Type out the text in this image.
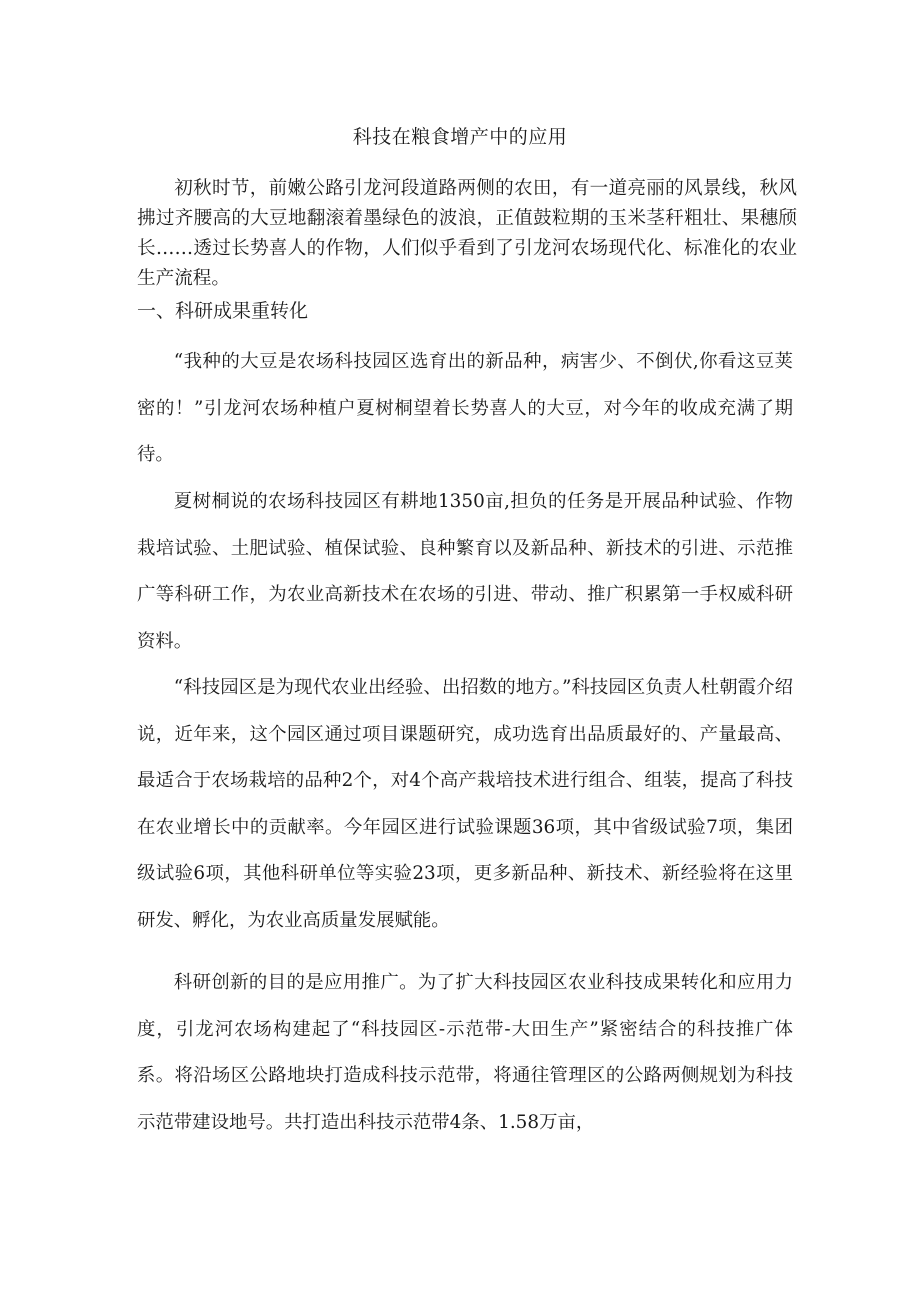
科技在粮食增产中的应用

初秋时节，前嫩公路引龙河段道路两侧的农田，有一道亮丽的风景线，秋风拂过齐腰高的大豆地翻滚着墨绿色的波浪，正值鼓粒期的玉米茎秆粗壮、果穗颀长……透过长势喜人的作物，人们似乎看到了引龙河农场现代化、标准化的农业生产流程。

一、科研成果重转化

“我种的大豆是农场科技园区选育出的新品种，病害少、不倒伏,你看这豆荚密的！”引龙河农场种植户夏树桐望着长势喜人的大豆，对今年的收成充满了期待。

夏树桐说的农场科技园区有耕地1350亩,担负的任务是开展品种试验、作物栽培试验、土肥试验、植保试验、良种繁育以及新品种、新技术的引进、示范推广等科研工作，为农业高新技术在农场的引进、带动、推广积累第一手权威科研资料。

“科技园区是为现代农业出经验、出招数的地方。”科技园区负责人杜朝霞介绍说，近年来，这个园区通过项目课题研究，成功选育出品质最好的、产量最高、最适合于农场栽培的品种2个，对4个高产栽培技术进行组合、组装，提高了科技在农业增长中的贡献率。今年园区进行试验课题36项，其中省级试验7项，集团级试验6项，其他科研单位等实验23项，更多新品种、新技术、新经验将在这里研发、孵化，为农业高质量发展赋能。

科研创新的目的是应用推广。为了扩大科技园区农业科技成果转化和应用力度，引龙河农场构建起了“科技园区-示范带-大田生产”紧密结合的科技推广体系。将沿场区公路地块打造成科技示范带，将通往管理区的公路两侧规划为科技示范带建设地号。共打造出科技示范带4条、1.58万亩，
